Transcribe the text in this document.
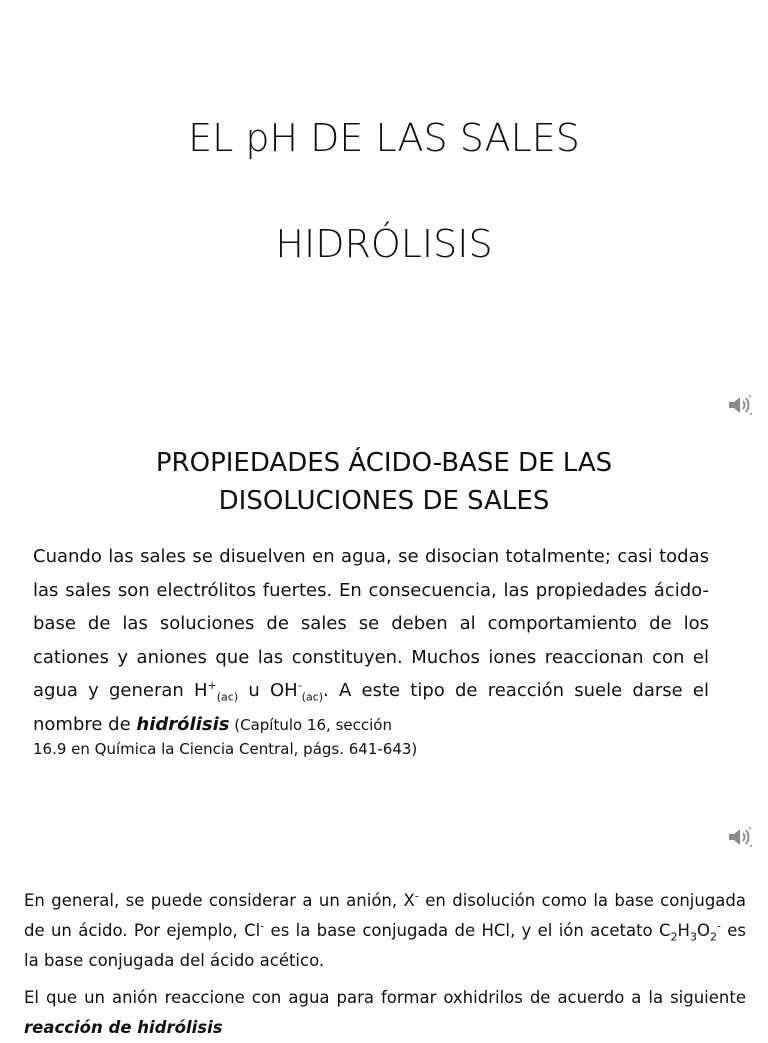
EL pH DE LAS SALES
HIDRÓLISIS
PROPIEDADES ÁCIDO-BASE DE LAS
DISOLUCIONES DE SALES
Cuando las sales se disuelven en agua, se disocian totalmente; casi todas las sales son electrólitos fuertes. En consecuencia, las propiedades ácido-base de las soluciones de sales se deben al comportamiento de los cationes y aniones que las constituyen. Muchos iones reaccionan con el agua y generan $H^+_{(ac)}$ u $OH^-_{(ac)}$. A este tipo de reacción suele darse el nombre de hidrólisis (Capítulo 16, sección
16.9 en Química la Ciencia Central, págs. 641-643)
En general, se puede considerar a un anión, X- en disolución como la base conjugada de un ácido. Por ejemplo, Cl- es la base conjugada de HCl, y el ión acetato $C_2H_3O_2^-$ es la base conjugada del ácido acético.
El que un anión reaccione con agua para formar oxhidrilos de acuerdo a la siguiente reacción de hidrólisis
